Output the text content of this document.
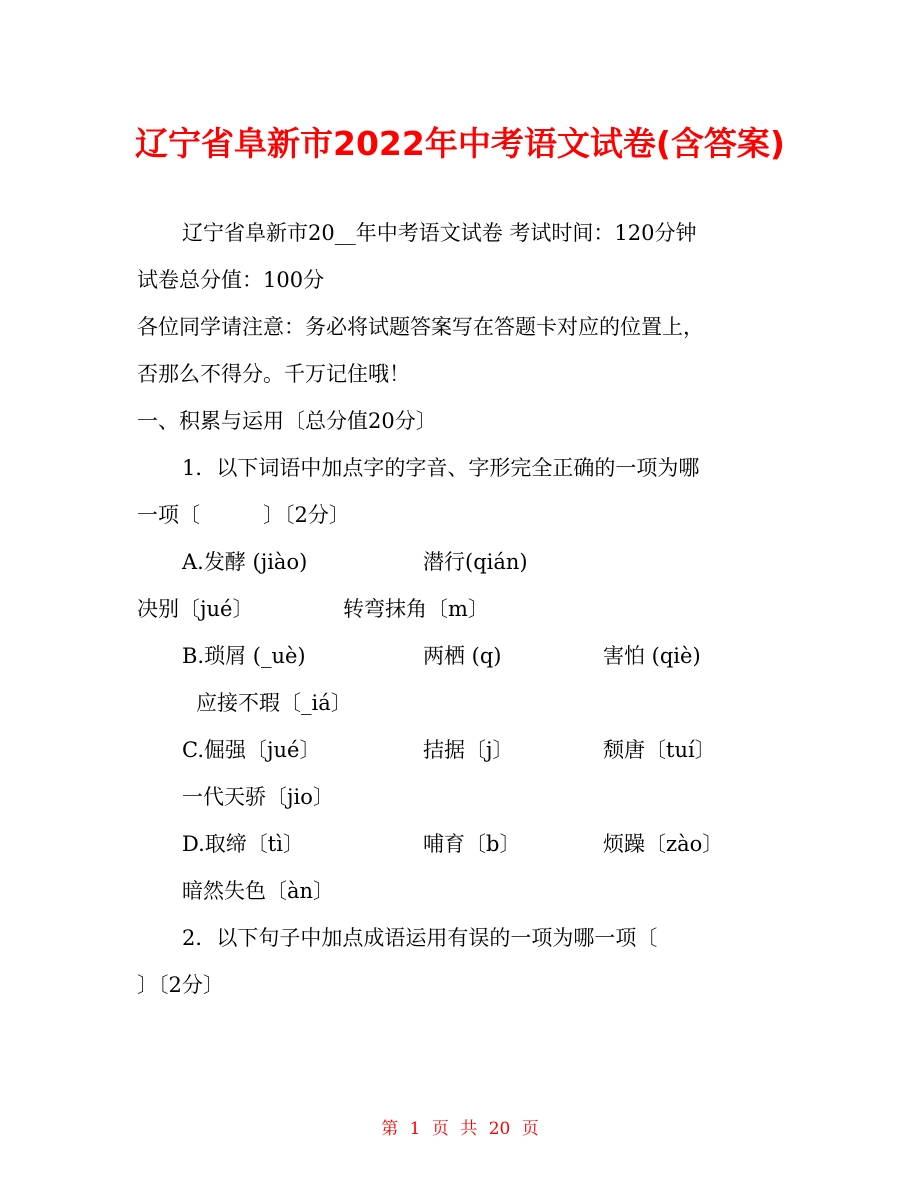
辽宁省阜新市2022年中考语文试卷(含答案)
辽宁省阜新市20__年中考语文试卷 考试时间：120分钟
试卷总分值：100分
各位同学请注意：务必将试题答案写在答题卡对应的位置上，
否那么不得分。千万记住哦！
一、积累与运用〔总分值20分〕
1．以下词语中加点字的字音、字形完全正确的一项为哪
一项〔　　　〕〔2分〕
A.发酵 (jiào)	潜行(qián)
决别〔jué〕	转弯抹角〔m〕
B.琐屑 (_uè)	两栖 (q)	害怕 (qiè)
应接不瑕〔_iá〕
C.倔强〔jué〕	拮据〔j〕	颓唐〔tuí〕
一代天骄〔jio〕
D.取缔〔tì〕	哺育〔b〕	烦躁〔zào〕
暗然失色〔àn〕
2．以下句子中加点成语运用有误的一项为哪一项〔
〕〔2分〕
第 1 页 共 20 页
